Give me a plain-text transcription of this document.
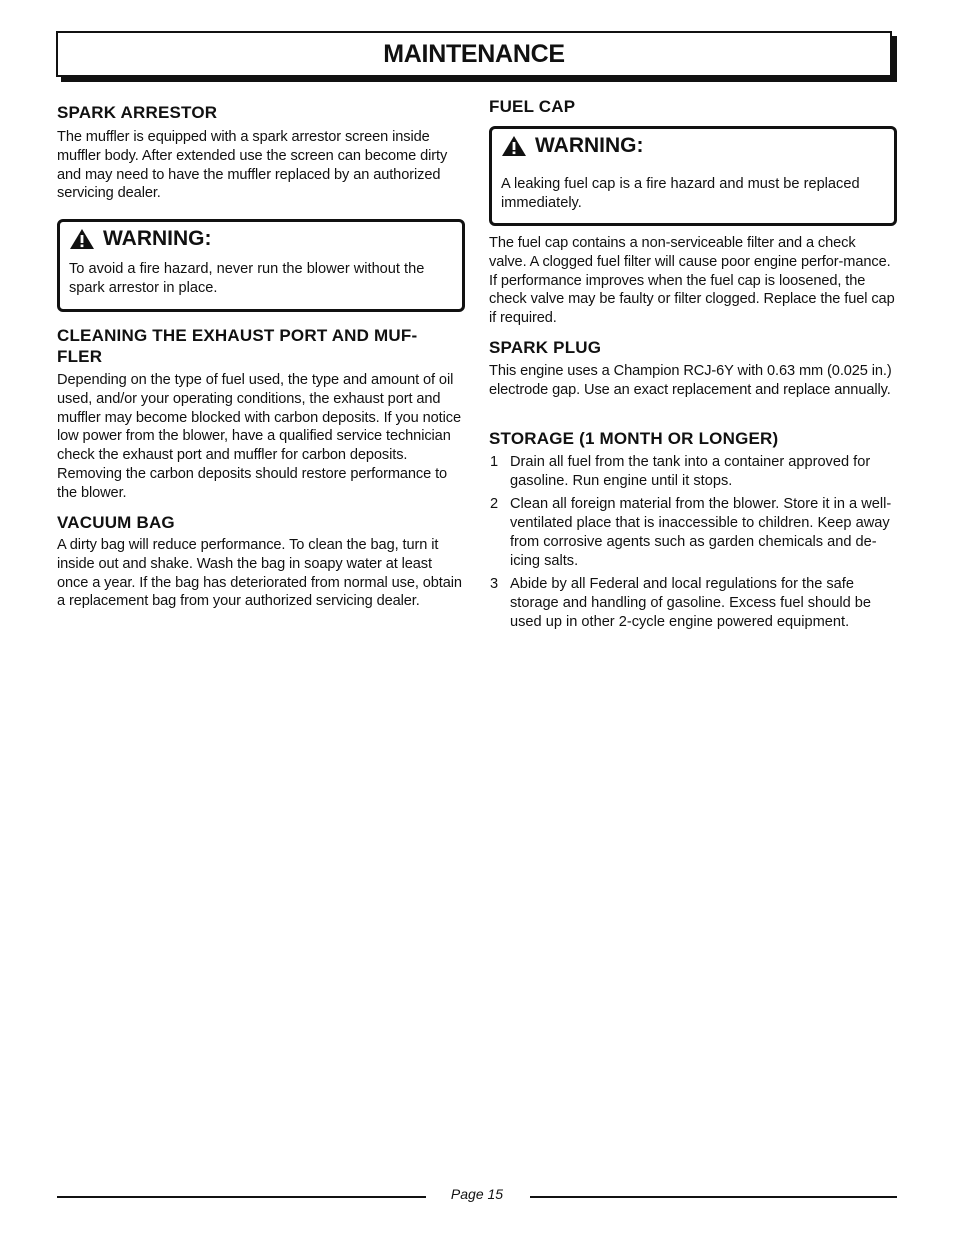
MAINTENANCE
SPARK ARRESTOR

The muffler is equipped with a spark arrestor screen inside muffler body. After extended use the screen can become dirty and may need to have the muffler replaced by an authorized servicing dealer.

WARNING:
To avoid a fire hazard, never run the blower without the spark arrestor in place.
CLEANING THE EXHAUST PORT AND MUF-FLER

Depending on the type of fuel used, the type and amount of oil used, and/or your operating conditions, the exhaust port and muffler may become blocked with carbon deposits. If you notice low power from the blower, have a qualified service technician check the exhaust port and muffler for carbon deposits. Removing the carbon deposits should restore performance to the blower.

VACUUM BAG

A dirty bag will reduce performance. To clean the bag, turn it inside out and shake. Wash the bag in soapy water at least once a year. If the bag has deteriorated from normal use, obtain a replacement bag from your authorized servicing dealer.

FUEL CAP
WARNING:
A leaking fuel cap is a fire hazard and must be replaced immediately.

The fuel cap contains a non-serviceable filter and a check valve. A clogged fuel filter will cause poor engine perfor-mance. If performance improves when the fuel cap is loosened, the check valve may be faulty or filter clogged. Replace the fuel cap if required.

SPARK PLUG

This engine uses a Champion RCJ-6Y with 0.63 mm (0.025 in.) electrode gap. Use an exact replacement and replace annually.

STORAGE (1 MONTH OR LONGER)
1 Drain all fuel from the tank into a container approved for gasoline. Run engine until it stops.
2 Clean all foreign material from the blower. Store it in a well-ventilated place that is inaccessible to children. Keep away from corrosive agents such as garden chemicals and de-icing salts.
3 Abide by all Federal and local regulations for the safe storage and handling of gasoline. Excess fuel should be used up in other 2-cycle engine powered equipment.
Page 15
